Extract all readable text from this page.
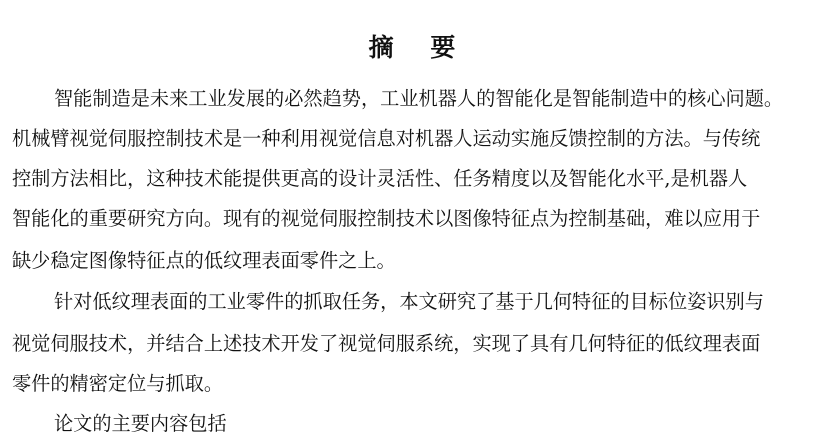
摘 要
智能制造是未来工业发展的必然趋势，工业机器人的智能化是智能制造中的核心问题。
机械臂视觉伺服控制技术是一种利用视觉信息对机器人运动实施反馈控制的方法。与传统
控制方法相比，这种技术能提供更高的设计灵活性、任务精度以及智能化水平,是机器人
智能化的重要研究方向。现有的视觉伺服控制技术以图像特征点为控制基础，难以应用于
缺少稳定图像特征点的低纹理表面零件之上。
针对低纹理表面的工业零件的抓取任务，本文研究了基于几何特征的目标位姿识别与
视觉伺服技术，并结合上述技术开发了视觉伺服系统，实现了具有几何特征的低纹理表面
零件的精密定位与抓取。
论文的主要内容包括
